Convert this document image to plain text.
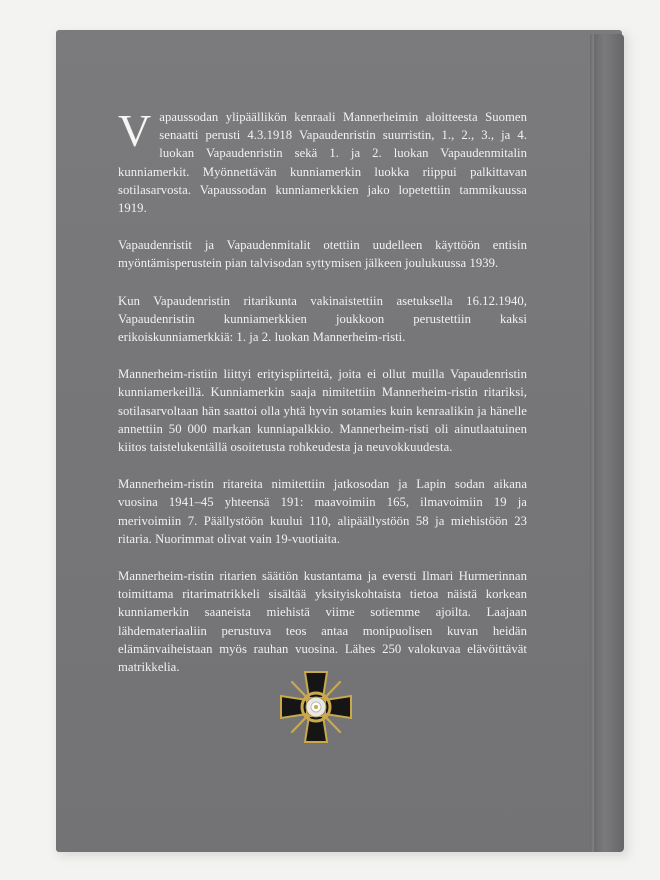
Vapaussodan ylipäällikön kenraali Mannerheimin aloitteesta Suomen senaatti perusti 4.3.1918 Vapaudenristin suurristin, 1., 2., 3., ja 4. luokan Vapaudenristin sekä 1. ja 2. luokan Vapaudenmitalin kunniamerkit. Myönnettävän kunniamerkin luokka riippui palkittavan sotilasarvosta. Vapaussodan kunniamerkkien jako lopetettiin tammikuussa 1919.

Vapaudenristit ja Vapaudenmitalit otettiin uudelleen käyttöön entisin myöntämisperustein pian talvisodan syttymisen jälkeen joulukuussa 1939.

Kun Vapaudenristin ritarikunta vakinaistettiin asetuksella 16.12.1940, Vapaudenristin kunniamerkkien joukkoon perustettiin kaksi erikoiskunniamerkkiä: 1. ja 2. luokan Mannerheim-risti.

Mannerheim-ristiin liittyi erityispiirteitä, joita ei ollut muilla Vapaudenristin kunniamerkeillä. Kunniamerkin saaja nimitettiin Mannerheim-ristin ritariksi, sotilasarvoltaan hän saattoi olla yhtä hyvin sotamies kuin kenraalikin ja hänelle annettiin 50 000 markan kunniapalkkio. Mannerheim-risti oli ainutlaatuinen kiitos taistelukentällä osoitetusta rohkeudesta ja neuvokkuudesta.

Mannerheim-ristin ritareita nimitettiin jatkosodan ja Lapin sodan aikana vuosina 1941–45 yhteensä 191: maavoimiin 165, ilmavoimiin 19 ja merivoimiin 7. Päällystöön kuului 110, alipäällystöön 58 ja miehistöön 23 ritaria. Nuorimmat olivat vain 19-vuotiaita.

Mannerheim-ristin ritarien säätiön kustantama ja eversti Ilmari Hurmerinnan toimittama ritarimatrikkeli sisältää yksityiskohtaista tietoa näistä korkean kunniamerkin saaneista miehistä viime sotiemme ajoilta. Laajaan lähdemateriaaliin perustuva teos antaa monipuolisen kuvan heidän elämänvaiheistaan myös rauhan vuosina. Lähes 250 valokuvaa elävöittävät matrikkelia.
